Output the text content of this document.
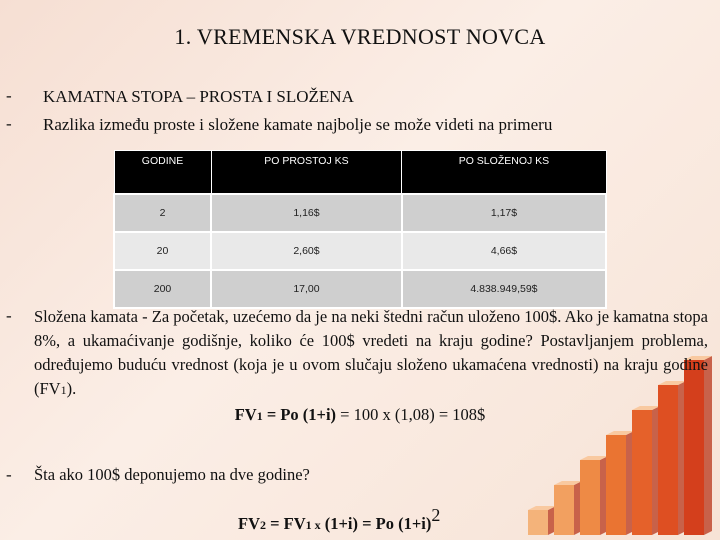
1. VREMENSKA VREDNOST NOVCA
- KAMATNA STOPA – PROSTA I SLOŽENA
- Razlika između proste i složene kamate najbolje se može videti na primeru
GODINE	PO PROSTOJ KS	PO SLOŽENOJ KS
2	1,16$	1,17$
20	2,60$	4,66$
200	17,00	4.838.949,59$
- Složena kamata - Za početak, uzećemo da je na neki štedni račun uloženo 100$. Ako je kamatna stopa 8%, a ukamaćivanje godišnje, koliko će 100$ vredeti na kraju godine? Postavljanjem problema, određujemo buduću vrednost (koja je u ovom slučaju složeno ukamaćena vrednosti) na kraju godine (FV1).
FV1 = Po (1+i) = 100 x (1,08) = 108$
- Šta ako 100$ deponujemo na dve godine?
FV2 = FV1 x (1+i) = Po (1+i)2
